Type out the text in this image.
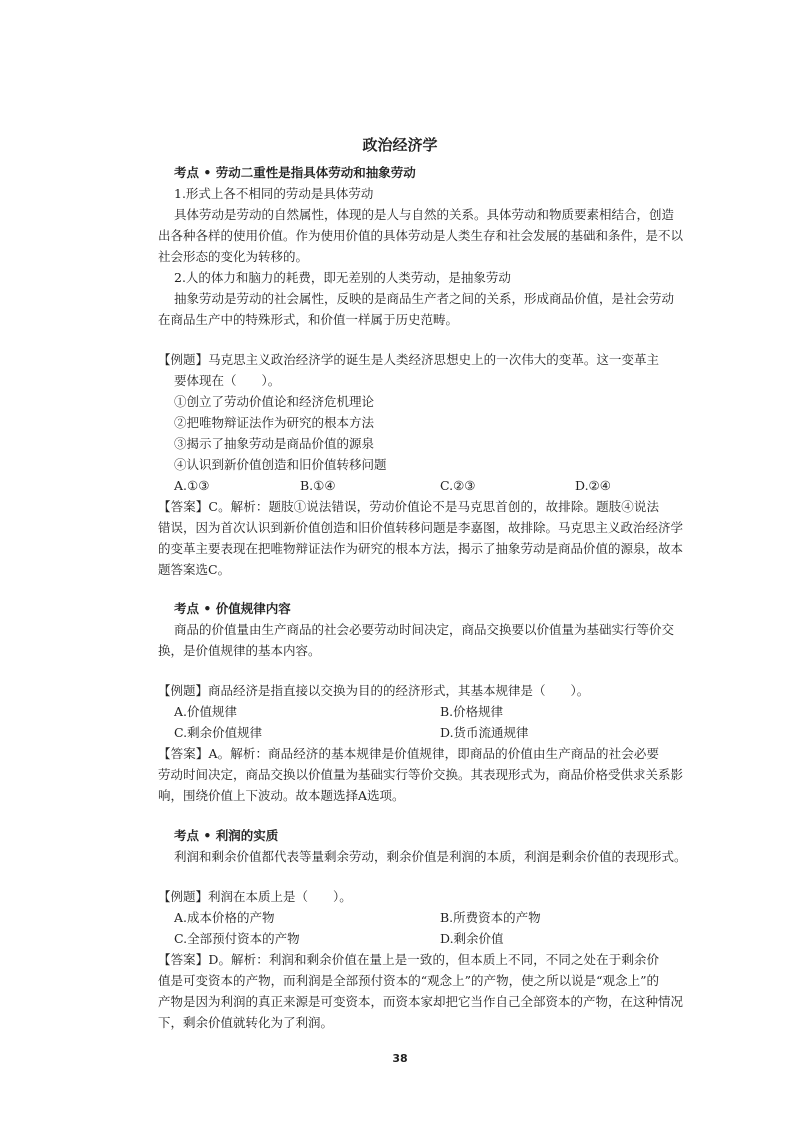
政治经济学
考点 • 劳动二重性是指具体劳动和抽象劳动
1.形式上各不相同的劳动是具体劳动
具体劳动是劳动的自然属性，体现的是人与自然的关系。具体劳动和物质要素相结合，创造
出各种各样的使用价值。作为使用价值的具体劳动是人类生存和社会发展的基础和条件，是不以
社会形态的变化为转移的。
2.人的体力和脑力的耗费，即无差别的人类劳动，是抽象劳动
抽象劳动是劳动的社会属性，反映的是商品生产者之间的关系，形成商品价值，是社会劳动
在商品生产中的特殊形式，和价值一样属于历史范畴。
【例题】马克思主义政治经济学的诞生是人类经济思想史上的一次伟大的变革。这一变革主
要体现在（　　）。
①创立了劳动价值论和经济危机理论
②把唯物辩证法作为研究的根本方法
③揭示了抽象劳动是商品价值的源泉
④认识到新价值创造和旧价值转移问题
A.①③	B.①④	C.②③	D.②④
【答案】C。解析：题肢①说法错误，劳动价值论不是马克思首创的，故排除。题肢④说法
错误，因为首次认识到新价值创造和旧价值转移问题是李嘉图，故排除。马克思主义政治经济学
的变革主要表现在把唯物辩证法作为研究的根本方法，揭示了抽象劳动是商品价值的源泉，故本
题答案选C。
考点 • 价值规律内容
商品的价值量由生产商品的社会必要劳动时间决定，商品交换要以价值量为基础实行等价交
换，是价值规律的基本内容。
【例题】商品经济是指直接以交换为目的的经济形式，其基本规律是（　　）。
A.价值规律	B.价格规律
C.剩余价值规律	D.货币流通规律
【答案】A。解析：商品经济的基本规律是价值规律，即商品的价值由生产商品的社会必要
劳动时间决定，商品交换以价值量为基础实行等价交换。其表现形式为，商品价格受供求关系影
响，围绕价值上下波动。故本题选择A选项。
考点 • 利润的实质
利润和剩余价值都代表等量剩余劳动，剩余价值是利润的本质，利润是剩余价值的表现形式。
【例题】利润在本质上是（　　）。
A.成本价格的产物	B.所费资本的产物
C.全部预付资本的产物	D.剩余价值
【答案】D。解析：利润和剩余价值在量上是一致的，但本质上不同，不同之处在于剩余价
值是可变资本的产物，而利润是全部预付资本的“观念上”的产物，使之所以说是“观念上”的
产物是因为利润的真正来源是可变资本，而资本家却把它当作自己全部资本的产物，在这种情况
下，剩余价值就转化为了利润。
38
